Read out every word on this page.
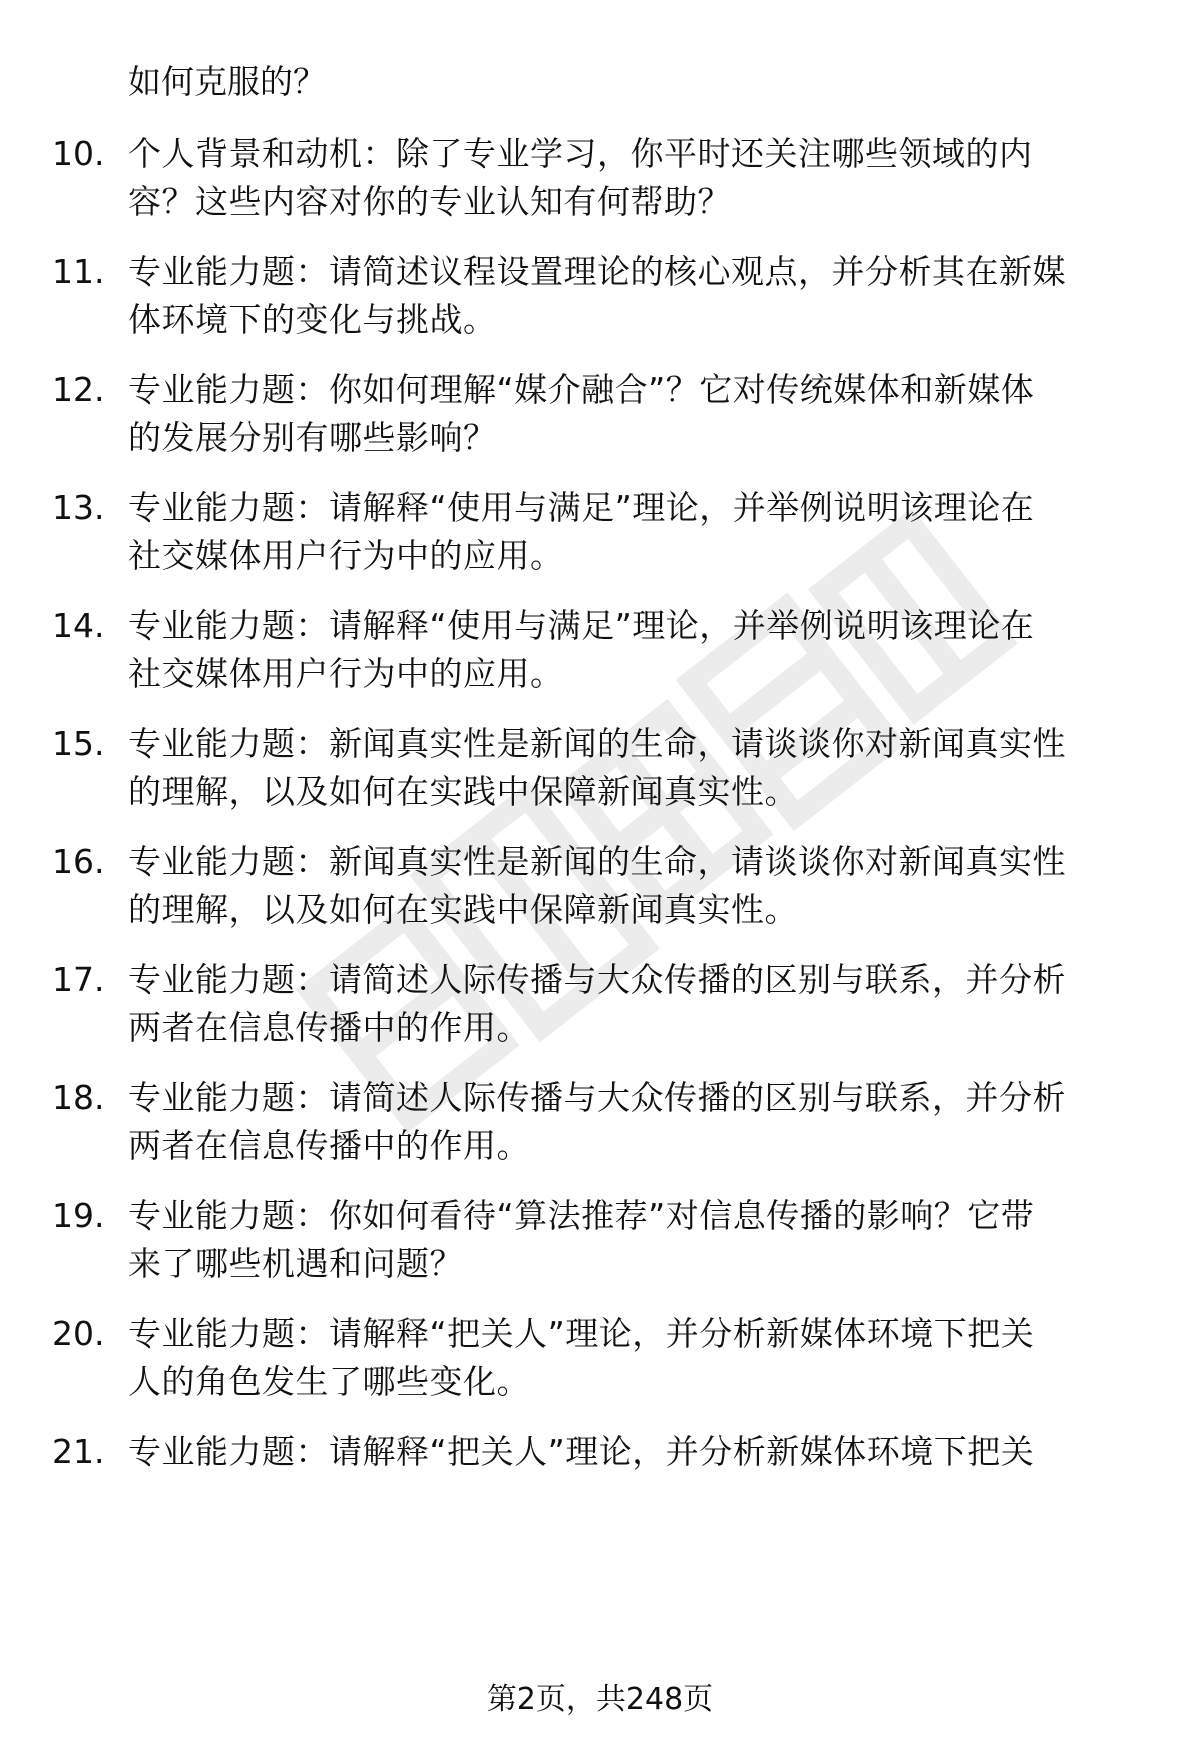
如何克服的？
10. 个人背景和动机：除了专业学习，你平时还关注哪些领域的内
容？这些内容对你的专业认知有何帮助？
11. 专业能力题：请简述议程设置理论的核心观点，并分析其在新媒
体环境下的变化与挑战。
12. 专业能力题：你如何理解“媒介融合”？它对传统媒体和新媒体
的发展分别有哪些影响？
13. 专业能力题：请解释“使用与满足”理论，并举例说明该理论在
社交媒体用户行为中的应用。
14. 专业能力题：请解释“使用与满足”理论，并举例说明该理论在
社交媒体用户行为中的应用。
15. 专业能力题：新闻真实性是新闻的生命，请谈谈你对新闻真实性
的理解，以及如何在实践中保障新闻真实性。
16. 专业能力题：新闻真实性是新闻的生命，请谈谈你对新闻真实性
的理解，以及如何在实践中保障新闻真实性。
17. 专业能力题：请简述人际传播与大众传播的区别与联系，并分析
两者在信息传播中的作用。
18. 专业能力题：请简述人际传播与大众传播的区别与联系，并分析
两者在信息传播中的作用。
19. 专业能力题：你如何看待“算法推荐”对信息传播的影响？它带
来了哪些机遇和问题？
20. 专业能力题：请解释“把关人”理论，并分析新媒体环境下把关
人的角色发生了哪些变化。
21. 专业能力题：请解释“把关人”理论，并分析新媒体环境下把关
第2页，共248页
